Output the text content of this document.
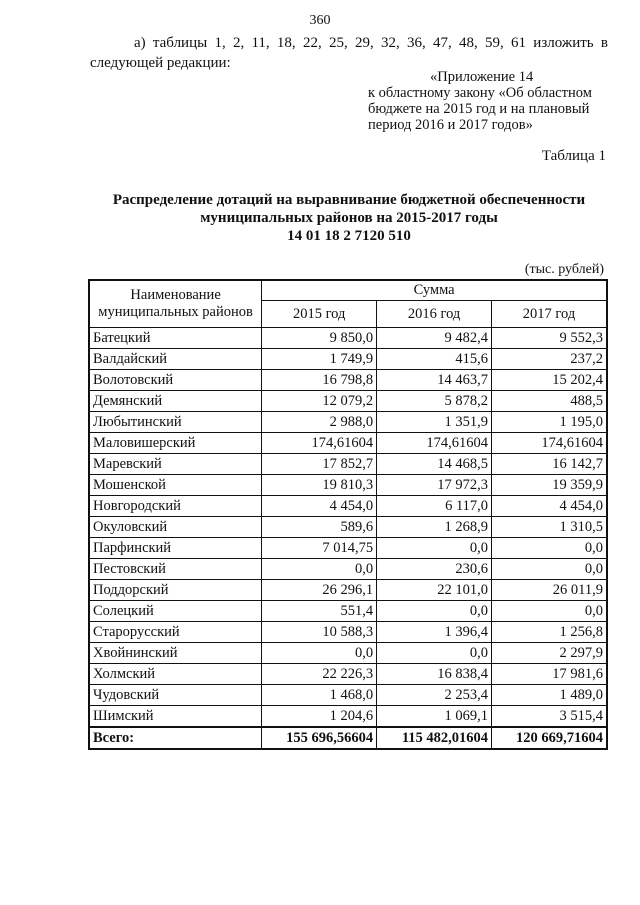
360
а) таблицы 1, 2, 11, 18, 22, 25, 29, 32, 36, 47, 48, 59, 61 изложить в
следующей редакции:
«Приложение 14
к областному закону «Об областном
бюджете на 2015 год и на плановый
период 2016 и 2017 годов»
Таблица 1
Распределение дотаций на выравнивание бюджетной обеспеченности
муниципальных районов на 2015-2017 годы
14 01 18 2 7120 510
(тыс. рублей)
Наименование
муниципальных районов	Сумма		
	2015 год	2016 год	2017 год
Батецкий	9 850,0	9 482,4	9 552,3
Валдайский	1 749,9	415,6	237,2
Волотовский	16 798,8	14 463,7	15 202,4
Демянский	12 079,2	5 878,2	488,5
Любытинский	2 988,0	1 351,9	1 195,0
Маловишерский	174,61604	174,61604	174,61604
Маревский	17 852,7	14 468,5	16 142,7
Мошенской	19 810,3	17 972,3	19 359,9
Новгородский	4 454,0	6 117,0	4 454,0
Окуловский	589,6	1 268,9	1 310,5
Парфинский	7 014,75	0,0	0,0
Пестовский	0,0	230,6	0,0
Поддорский	26 296,1	22 101,0	26 011,9
Солецкий	551,4	0,0	0,0
Старорусский	10 588,3	1 396,4	1 256,8
Хвойнинский	0,0	0,0	2 297,9
Холмский	22 226,3	16 838,4	17 981,6
Чудовский	1 468,0	2 253,4	1 489,0
Шимский	1 204,6	1 069,1	3 515,4
Всего:	155 696,56604	115 482,01604	120 669,71604
